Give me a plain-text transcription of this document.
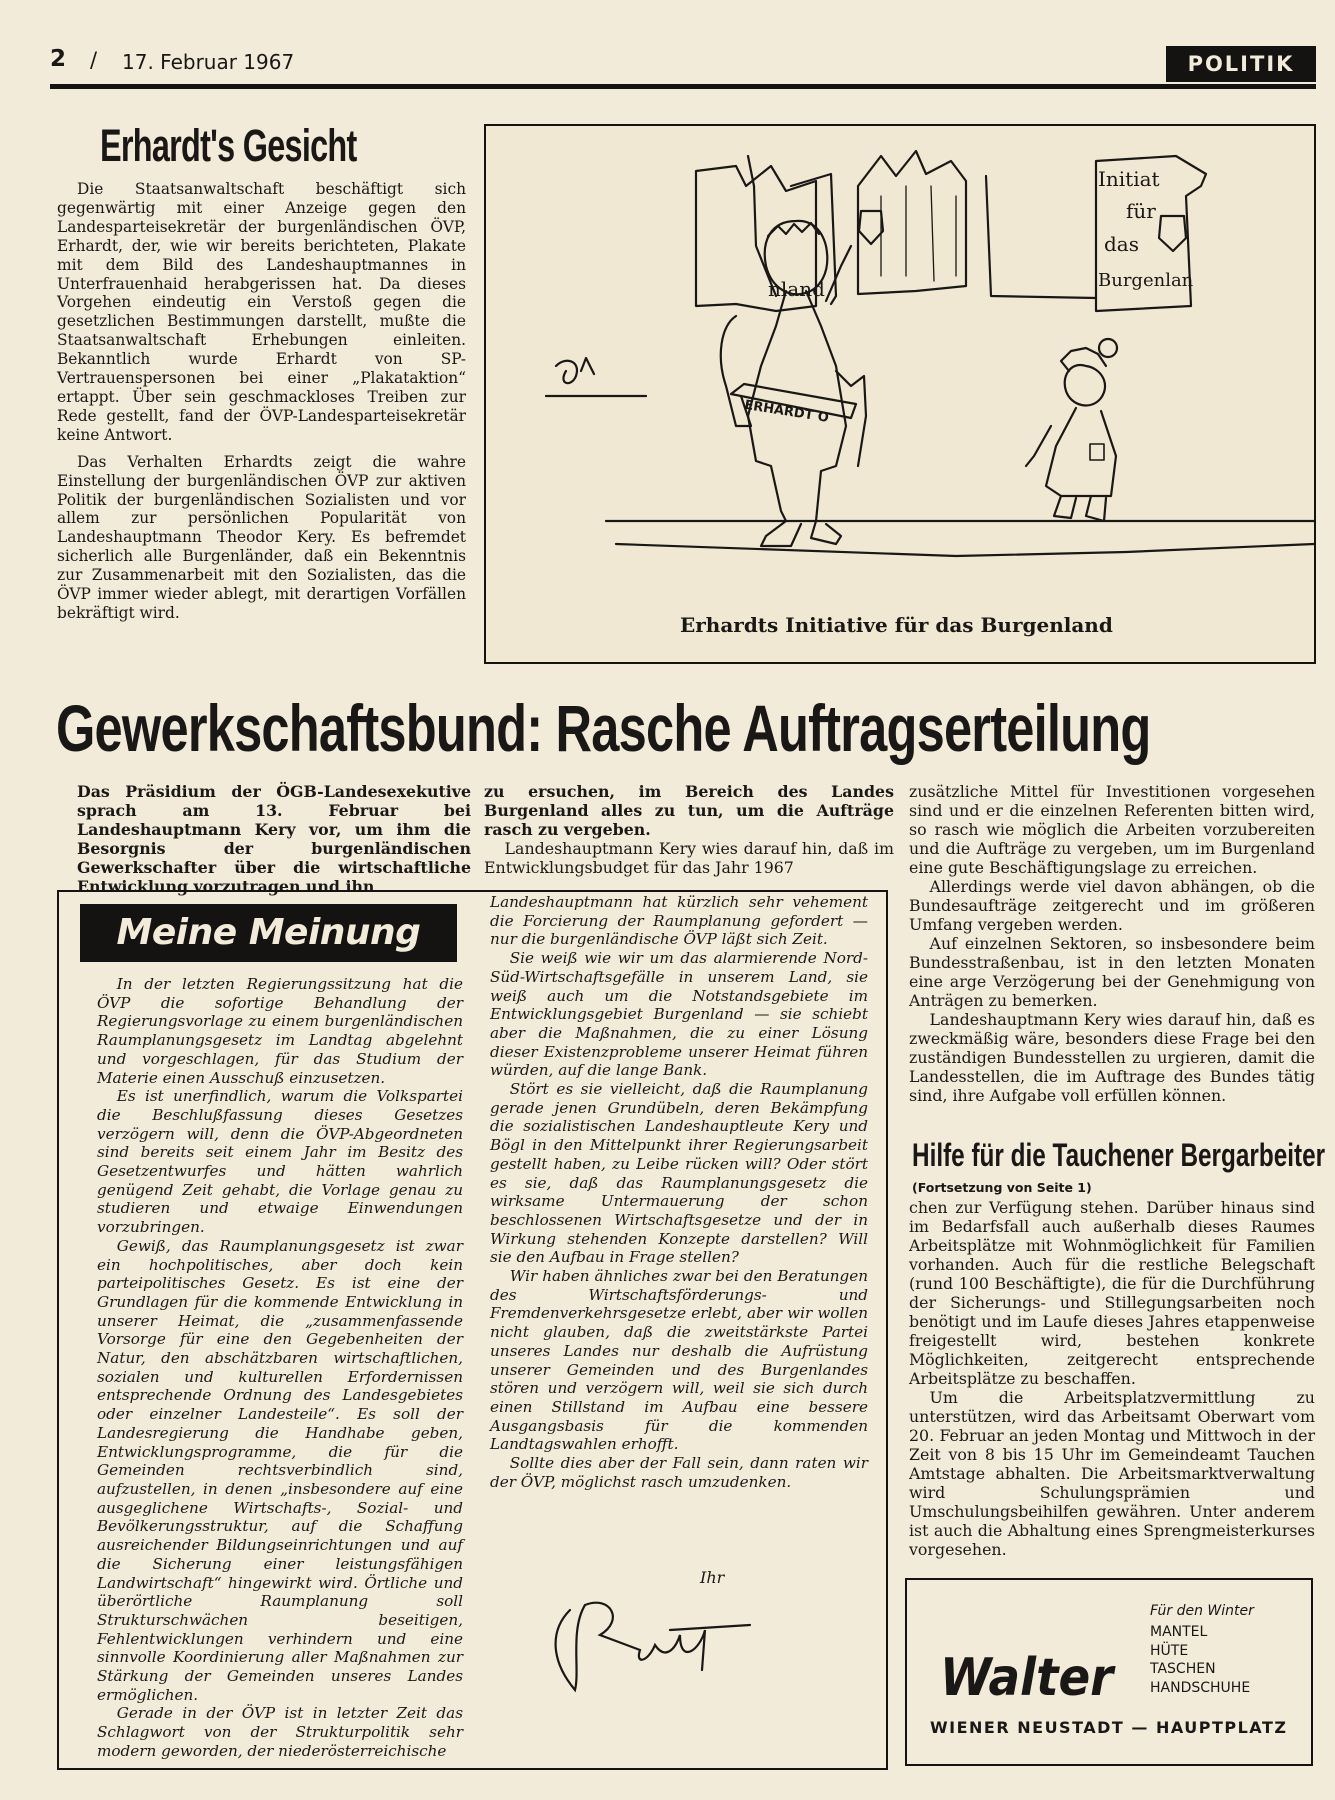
2 / 17. Februar 1967	POLITIK
Erhardt's Gesicht

Die Staatsanwaltschaft beschäftigt sich gegenwärtig mit einer Anzeige gegen den Landesparteisekretär der burgenländischen ÖVP, Erhardt, der, wie wir bereits berichteten, Plakate mit dem Bild des Landeshauptmannes in Unterfrauenhaid herabgerissen hat. Da dieses Vorgehen eindeutig ein Verstoß gegen die gesetzlichen Bestimmungen darstellt, mußte die Staatsanwaltschaft Erhebungen einleiten. Bekanntlich wurde Erhardt von SP-Vertrauenspersonen bei einer „Plakataktion“ ertappt. Über sein geschmackloses Treiben zur Rede gestellt, fand der ÖVP-Landesparteisekretär keine Antwort.

Das Verhalten Erhardts zeigt die wahre Einstellung der burgenländischen ÖVP zur aktiven Politik der burgenländischen Sozialisten und vor allem zur persönlichen Popularität von Landeshauptmann Theodor Kery. Es befremdet sicherlich alle Burgenländer, daß ein Bekenntnis zur Zusammenarbeit mit den Sozialisten, das die ÖVP immer wieder ablegt, mit derartigen Vorfällen bekräftigt wird.

nland
Initiat
für
das
Burgenlan
ERHARDT O
Erhardts Initiative für das Burgenland
Gewerkschaftsbund: Rasche Auftragserteilung

Das Präsidium der ÖGB-Landesexekutive sprach am 13. Februar bei Landeshauptmann Kery vor, um ihm die Besorgnis der burgenländischen Gewerkschafter über die wirtschaftliche Entwicklung vorzutragen und ihn

zu ersuchen, im Bereich des Landes Burgenland alles zu tun, um die Aufträge rasch zu vergeben.

Landeshauptmann Kery wies darauf hin, daß im Entwicklungsbudget für das Jahr 1967

zusätzliche Mittel für Investitionen vorgesehen sind und er die einzelnen Referenten bitten wird, so rasch wie möglich die Arbeiten vorzubereiten und die Aufträge zu vergeben, um im Burgenland eine gute Beschäftigungslage zu erreichen.

Allerdings werde viel davon abhängen, ob die Bundesaufträge zeitgerecht und im größeren Umfang vergeben werden.

Auf einzelnen Sektoren, so insbesondere beim Bundesstraßenbau, ist in den letzten Monaten eine arge Verzögerung bei der Genehmigung von Anträgen zu bemerken.

Landeshauptmann Kery wies darauf hin, daß es zweckmäßig wäre, besonders diese Frage bei den zuständigen Bundesstellen zu urgieren, damit die Landesstellen, die im Auftrage des Bundes tätig sind, ihre Aufgabe voll erfüllen können.

Meine Meinung

In der letzten Regierungssitzung hat die ÖVP die sofortige Behandlung der Regierungsvorlage zu einem burgenländischen Raumplanungsgesetz im Landtag abgelehnt und vorgeschlagen, für das Studium der Materie einen Ausschuß einzusetzen.

Es ist unerfindlich, warum die Volkspartei die Beschlußfassung dieses Gesetzes verzögern will, denn die ÖVP-Abgeordneten sind bereits seit einem Jahr im Besitz des Gesetzentwurfes und hätten wahrlich genügend Zeit gehabt, die Vorlage genau zu studieren und etwaige Einwendungen vorzubringen.

Gewiß, das Raumplanungsgesetz ist zwar ein hochpolitisches, aber doch kein parteipolitisches Gesetz. Es ist eine der Grundlagen für die kommende Entwicklung in unserer Heimat, die „zusammenfassende Vorsorge für eine den Gegebenheiten der Natur, den abschätzbaren wirtschaftlichen, sozialen und kulturellen Erfordernissen entsprechende Ordnung des Landesgebietes oder einzelner Landesteile“. Es soll der Landesregierung die Handhabe geben, Entwicklungsprogramme, die für die Gemeinden rechtsverbindlich sind, aufzustellen, in denen „insbesondere auf eine ausgeglichene Wirtschafts-, Sozial- und Bevölkerungsstruktur, auf die Schaffung ausreichender Bildungseinrichtungen und auf die Sicherung einer leistungsfähigen Landwirtschaft“ hingewirkt wird. Örtliche und überörtliche Raumplanung soll Strukturschwächen beseitigen, Fehlentwicklungen verhindern und eine sinnvolle Koordinierung aller Maßnahmen zur Stärkung der Gemeinden unseres Landes ermöglichen.

Gerade in der ÖVP ist in letzter Zeit das Schlagwort von der Strukturpolitik sehr modern geworden, der niederösterreichische

Landeshauptmann hat kürzlich sehr vehement die Forcierung der Raumplanung gefordert — nur die burgenländische ÖVP läßt sich Zeit.

Sie weiß wie wir um das alarmierende Nord-Süd-Wirtschaftsgefälle in unserem Land, sie weiß auch um die Notstandsgebiete im Entwicklungsgebiet Burgenland — sie schiebt aber die Maßnahmen, die zu einer Lösung dieser Existenzprobleme unserer Heimat führen würden, auf die lange Bank.

Stört es sie vielleicht, daß die Raumplanung gerade jenen Grundübeln, deren Bekämpfung die sozialistischen Landeshauptleute Kery und Bögl in den Mittelpunkt ihrer Regierungsarbeit gestellt haben, zu Leibe rücken will? Oder stört es sie, daß das Raumplanungsgesetz die wirksame Untermauerung der schon beschlossenen Wirtschaftsgesetze und der in Wirkung stehenden Konzepte darstellen? Will sie den Aufbau in Frage stellen?

Wir haben ähnliches zwar bei den Beratungen des Wirtschaftsförderungs- und Fremdenverkehrsgesetze erlebt, aber wir wollen nicht glauben, daß die zweitstärkste Partei unseres Landes nur deshalb die Aufrüstung unserer Gemeinden und des Burgenlandes stören und verzögern will, weil sie sich durch einen Stillstand im Aufbau eine bessere Ausgangsbasis für die kommenden Landtagswahlen erhofft.

Sollte dies aber der Fall sein, dann raten wir der ÖVP, möglichst rasch umzudenken.

Ihr
Hilfe für die Tauchener Bergarbeiter
(Fortsetzung von Seite 1)

chen zur Verfügung stehen. Darüber hinaus sind im Bedarfsfall auch außerhalb dieses Raumes Arbeitsplätze mit Wohnmöglichkeit für Familien vorhanden. Auch für die restliche Belegschaft (rund 100 Beschäftigte), die für die Durchführung der Sicherungs- und Stillegungsarbeiten noch benötigt und im Laufe dieses Jahres etappenweise freigestellt wird, bestehen konkrete Möglichkeiten, zeitgerecht entsprechende Arbeitsplätze zu beschaffen.

Um die Arbeitsplatzvermittlung zu unterstützen, wird das Arbeitsamt Oberwart vom 20. Februar an jeden Montag und Mittwoch in der Zeit von 8 bis 15 Uhr im Gemeindeamt Tauchen Amtstage abhalten. Die Arbeitsmarktverwaltung wird Schulungsprämien und Umschulungsbeihilfen gewähren. Unter anderem ist auch die Abhaltung eines Sprengmeisterkurses vorgesehen.

Walter
Für den Winter
MANTEL
HÜTE
TASCHEN
HANDSCHUHE
WIENER NEUSTADT — HAUPTPLATZ
